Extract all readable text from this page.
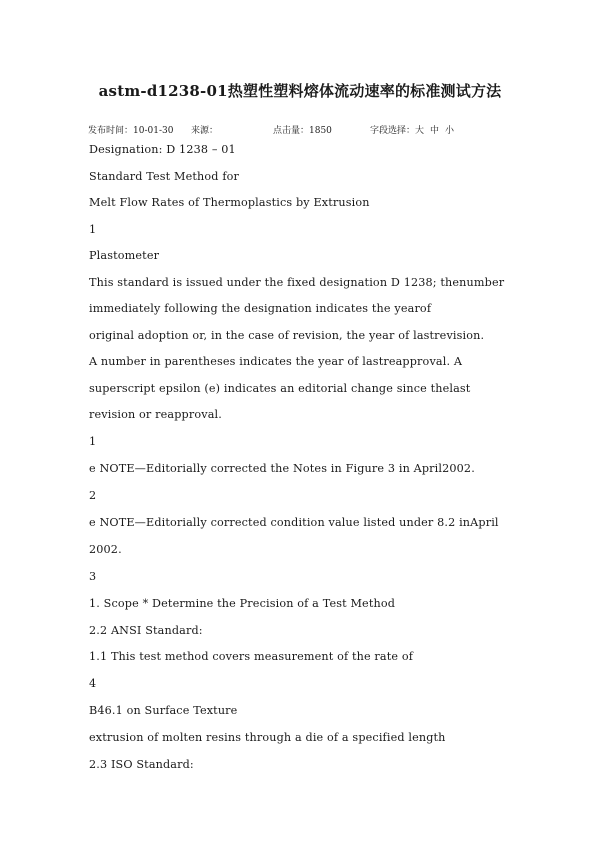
astm-d1238-01热塑性塑料熔体流动速率的标准测试方法
发布时间：10-01-30 来源：	点击量：1850	字段选择：大 中 小
Designation: D 1238 – 01
Standard Test Method for
Melt Flow Rates of Thermoplastics by Extrusion
1
Plastometer
This standard is issued under the fixed designation D 1238; thenumber
immediately following the designation indicates the yearof
original adoption or, in the case of revision, the year of lastrevision.
A number in parentheses indicates the year of lastreapproval. A
superscript epsilon (e) indicates an editorial change since thelast
revision or reapproval.
1
e NOTE—Editorially corrected the Notes in Figure 3 in April2002.
2
e NOTE—Editorially corrected condition value listed under 8.2 inApril
2002.
3
1. Scope * Determine the Precision of a Test Method
2.2 ANSI Standard:
1.1 This test method covers measurement of the rate of
4
B46.1 on Surface Texture
extrusion of molten resins through a die of a specified length
2.3 ISO Standard:
